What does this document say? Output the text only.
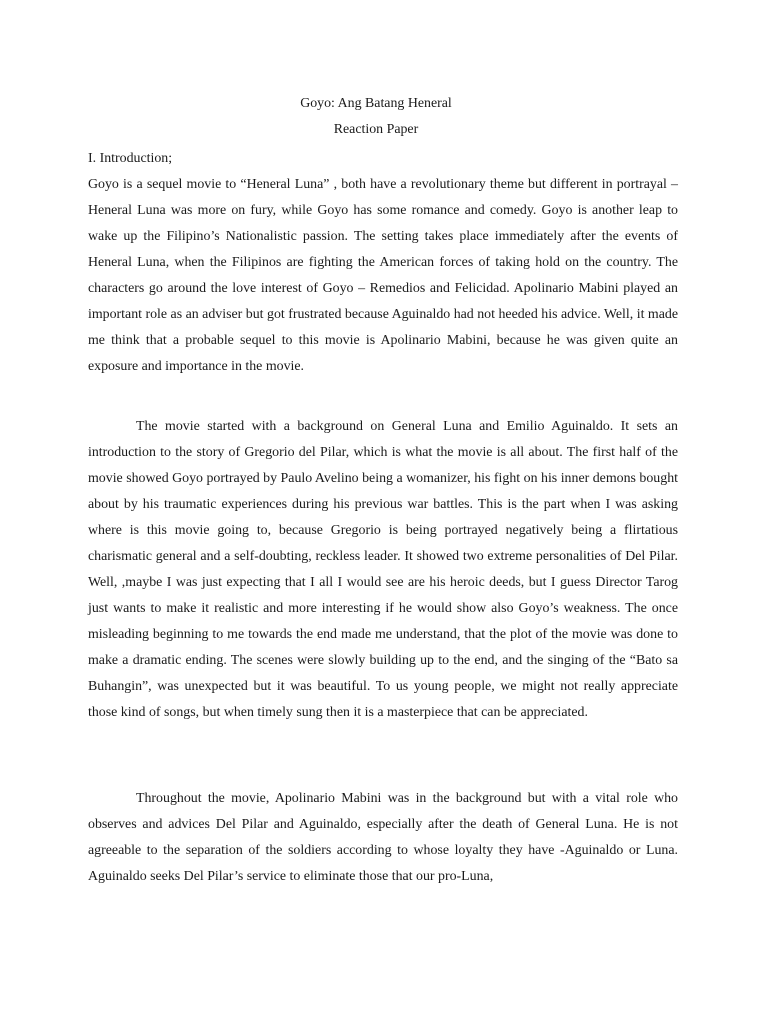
Goyo: Ang Batang Heneral
Reaction Paper
I. Introduction;

Goyo is a sequel movie to “Heneral Luna” , both have a revolutionary theme but different in portrayal – Heneral Luna was more on fury, while Goyo has some romance and comedy. Goyo is another leap to wake up the Filipino’s Nationalistic passion. The setting takes place immediately after the events of Heneral Luna, when the Filipinos are fighting the American forces of taking hold on the country. The characters go around the love interest of Goyo – Remedios and Felicidad. Apolinario Mabini played an important role as an adviser but got frustrated because Aguinaldo had not heeded his advice. Well, it made me think that a probable sequel to this movie is Apolinario Mabini, because he was given quite an exposure and importance in the movie.

The movie started with a background on General Luna and Emilio Aguinaldo. It sets an introduction to the story of Gregorio del Pilar, which is what the movie is all about. The first half of the movie showed Goyo portrayed by Paulo Avelino being a womanizer, his fight on his inner demons bought about by his traumatic experiences during his previous war battles. This is the part when I was asking where is this movie going to, because Gregorio is being portrayed negatively being a flirtatious charismatic general and a self-doubting, reckless leader. It showed two extreme personalities of Del Pilar. Well, ,maybe I was just expecting that I all I would see are his heroic deeds, but I guess Director Tarog just wants to make it realistic and more interesting if he would show also Goyo’s weakness. The once misleading beginning to me towards the end made me understand, that the plot of the movie was done to make a dramatic ending. The scenes were slowly building up to the end, and the singing of the “Bato sa Buhangin”, was unexpected but it was beautiful. To us young people, we might not really appreciate those kind of songs, but when timely sung then it is a masterpiece that can be appreciated.

Throughout the movie, Apolinario Mabini was in the background but with a vital role who observes and advices Del Pilar and Aguinaldo, especially after the death of General Luna. He is not agreeable to the separation of the soldiers according to whose loyalty they have -Aguinaldo or Luna. Aguinaldo seeks Del Pilar’s service to eliminate those that our pro-Luna,
